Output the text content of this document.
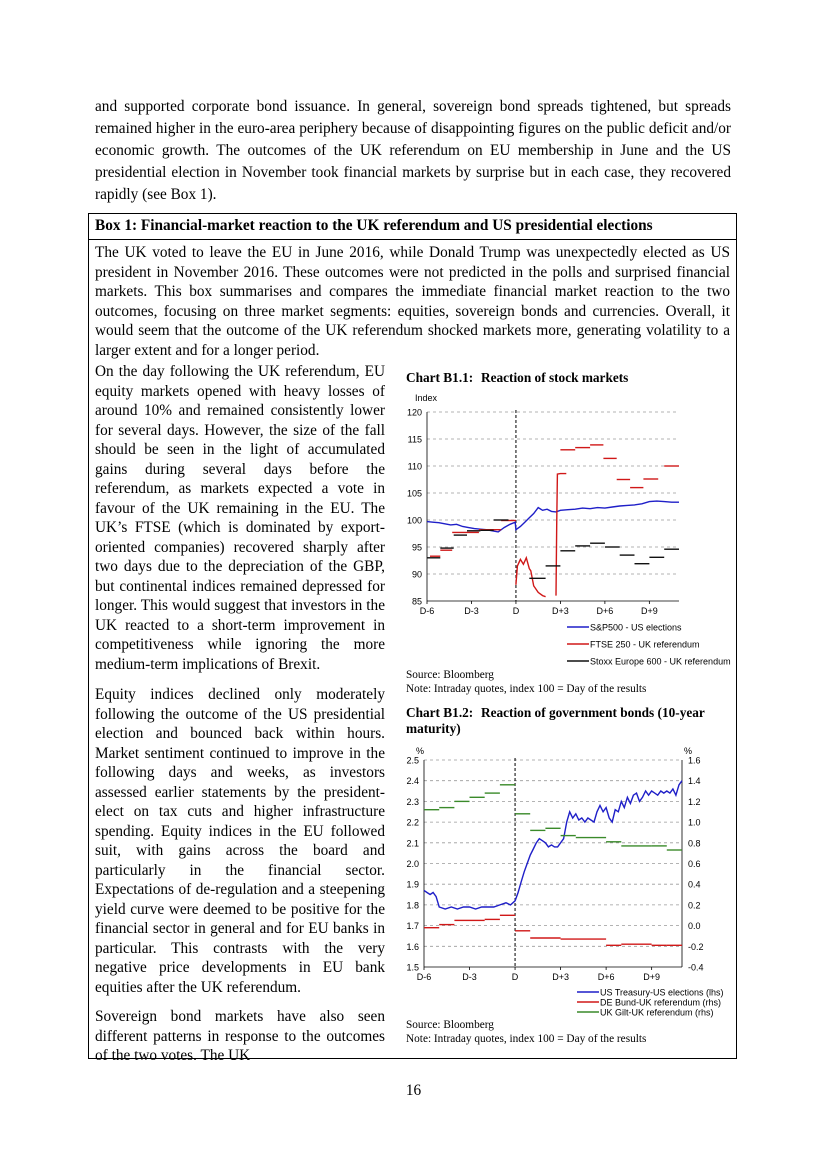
and supported corporate bond issuance. In general, sovereign bond spreads tightened, but spreads remained higher in the euro-area periphery because of disappointing figures on the public deficit and/or economic growth. The outcomes of the UK referendum on EU membership in June and the US presidential election in November took financial markets by surprise but in each case, they recovered rapidly (see Box 1).

Box 1: Financial-market reaction to the UK referendum and US presidential elections

The UK voted to leave the EU in June 2016, while Donald Trump was unexpectedly elected as US president in November 2016. These outcomes were not predicted in the polls and surprised financial markets. This box summarises and compares the immediate financial market reaction to the two outcomes, focusing on three market segments: equities, sovereign bonds and currencies. Overall, it would seem that the outcome of the UK referendum shocked markets more, generating volatility to a larger extent and for a longer period.

On the day following the UK referendum, EU equity markets opened with heavy losses of around 10% and remained consistently lower for several days. However, the size of the fall should be seen in the light of accumulated gains during several days before the referendum, as markets expected a vote in favour of the UK remaining in the EU. The UK’s FTSE (which is dominated by export-oriented companies) recovered sharply after two days due to the depreciation of the GBP, but continental indices remained depressed for longer. This would suggest that investors in the UK reacted to a short-term improvement in competitiveness while ignoring the more medium-term implications of Brexit.

Equity indices declined only moderately following the outcome of the US presidential election and bounced back within hours. Market sentiment continued to improve in the following days and weeks, as investors assessed earlier statements by the president-elect on tax cuts and higher infrastructure spending. Equity indices in the EU followed suit, with gains across the board and particularly in the financial sector. Expectations of de-regulation and a steepening yield curve were deemed to be positive for the financial sector in general and for EU banks in particular. This contrasts with the very negative price developments in EU bank equities after the UK referendum.

Sovereign bond markets have also seen different patterns in response to the outcomes of the two votes. The UK

Chart B1.1: Reaction of stock markets

120
115
110
105
100
95
90
85
Index
D-6	D-3	D	D+3	D+6	D+9
S&P500 - US elections
FTSE 250 - UK referendum
Stoxx Europe 600 - UK referendum

Source: Bloomberg

Note: Intraday quotes, index 100 = Day of the results

Chart B1.2: Reaction of government bonds (10-year maturity)

2.5
2.4
2.3
2.2
2.1
2.0
1.9
1.8
1.7
1.6
1.5
1.6
1.4
1.2
1.0
0.8
0.6
0.4
0.2
0.0
-0.2
-0.4
%	%
D-6	D-3	D	D+3	D+6	D+9
US Treasury-US elections (lhs)
DE Bund-UK referendum (rhs)
UK Gilt-UK referendum (rhs)

Source: Bloomberg

Note: Intraday quotes, index 100 = Day of the results

16
